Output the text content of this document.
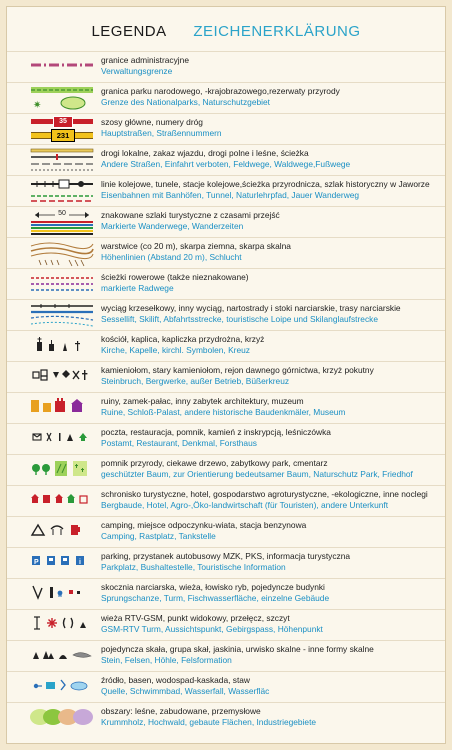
LEGENDA ZEICHENERKLÄRUNG
granice administracyjne
Verwaltungsgrenze
✷
granica parku narodowego, -krajobrazowego,rezerwaty przyrody
Grenze des Nationalparks, Naturschutzgebiet
35
231
szosy główne, numery dróg
Hauptstraßen, Straßennummern
drogi lokalne, zakaz wjazdu, drogi polne i leśne, ścieżka
Andere Straßen, Einfahrt verboten, Feldwege, Waldwege,Fußwege
linie kolejowe, tunele, stacje kolejowe,ścieżka przyrodnicza, szlak historyczny w Jaworze
Eisenbahnen mit Banhöfen, Tunnel, Naturlehrpfad, Jauer Wanderweg
50	znakowane szlaki turystyczne z czasami przejść
Markierte Wanderwege, Wanderzeiten
warstwice (co 20 m), skarpa ziemna, skarpa skalna
Höhenlinien (Abstand 20 m), Schlucht
ścieżki rowerowe (także nieznakowane)
markierte Radwege
wyciąg krzesełkowy, inny wyciąg, nartostrady i stoki narciarskie, trasy narciarskie
Sessellift, Skilift, Abfahrtsstrecke, touristische Loipe und Skilanglaufstrecke
kościół, kaplica, kapliczka przydrożna, krzyż
Kirche, Kapelle, kirchl. Symbolen, Kreuz
kamieniołom, stary kamieniołom, rejon dawnego górnictwa, krzyż pokutny
Steinbruch, Bergwerke, außer Betrieb, Büßerkreuz
ruiny, zamek-pałac, inny zabytek architektury, muzeum
Ruine, Schloß-Palast, andere historische Baudenkmäler, Museum
poczta, restauracja, pomnik, kamień z inskrypcją, leśniczówka
Postamt, Restaurant, Denkmal, Forsthaus
pomnik przyrody, ciekawe drzewo, zabytkowy park, cmentarz
geschützter Baum, zur Orientierung bedeutsamer Baum, Naturschutz Park, Friedhof
schronisko turystyczne, hotel, gospodarstwo agroturystyczne, -ekologiczne, inne noclegi
Bergbaude, Hotel, Agro-,Öko-landwirtschaft (für Touristen), andere Unterkunft
camping, miejsce odpoczynku-wiata, stacja benzynowa
Camping, Rastplatz, Tankstelle
P	i
parking, przystanek autobusowy MZK, PKS, informacja turystyczna
Parkplatz, Bushaltestelle, Touristische Information
skocznia narciarska, wieża, łowisko ryb, pojedyncze budynki
Sprungschanze, Turm, Fischwasserfläche, einzelne Gebäude
wieża RTV-GSM, punkt widokowy, przełęcz, szczyt
GSM-RTV Turm, Aussichtspunkt, Gebirgspass, Höhenpunkt
pojedyncza skała, grupa skał, jaskinia, urwisko skalne - inne formy skalne
Stein, Felsen, Höhle, Felsformation
źródło, basen, wodospad-kaskada, staw
Quelle, Schwimmbad, Wasserfall, Wasserfläc
obszary: leśne, zabudowane, przemysłowe
Krummholz, Hochwald, gebaute Flächen, Industriegebiete
